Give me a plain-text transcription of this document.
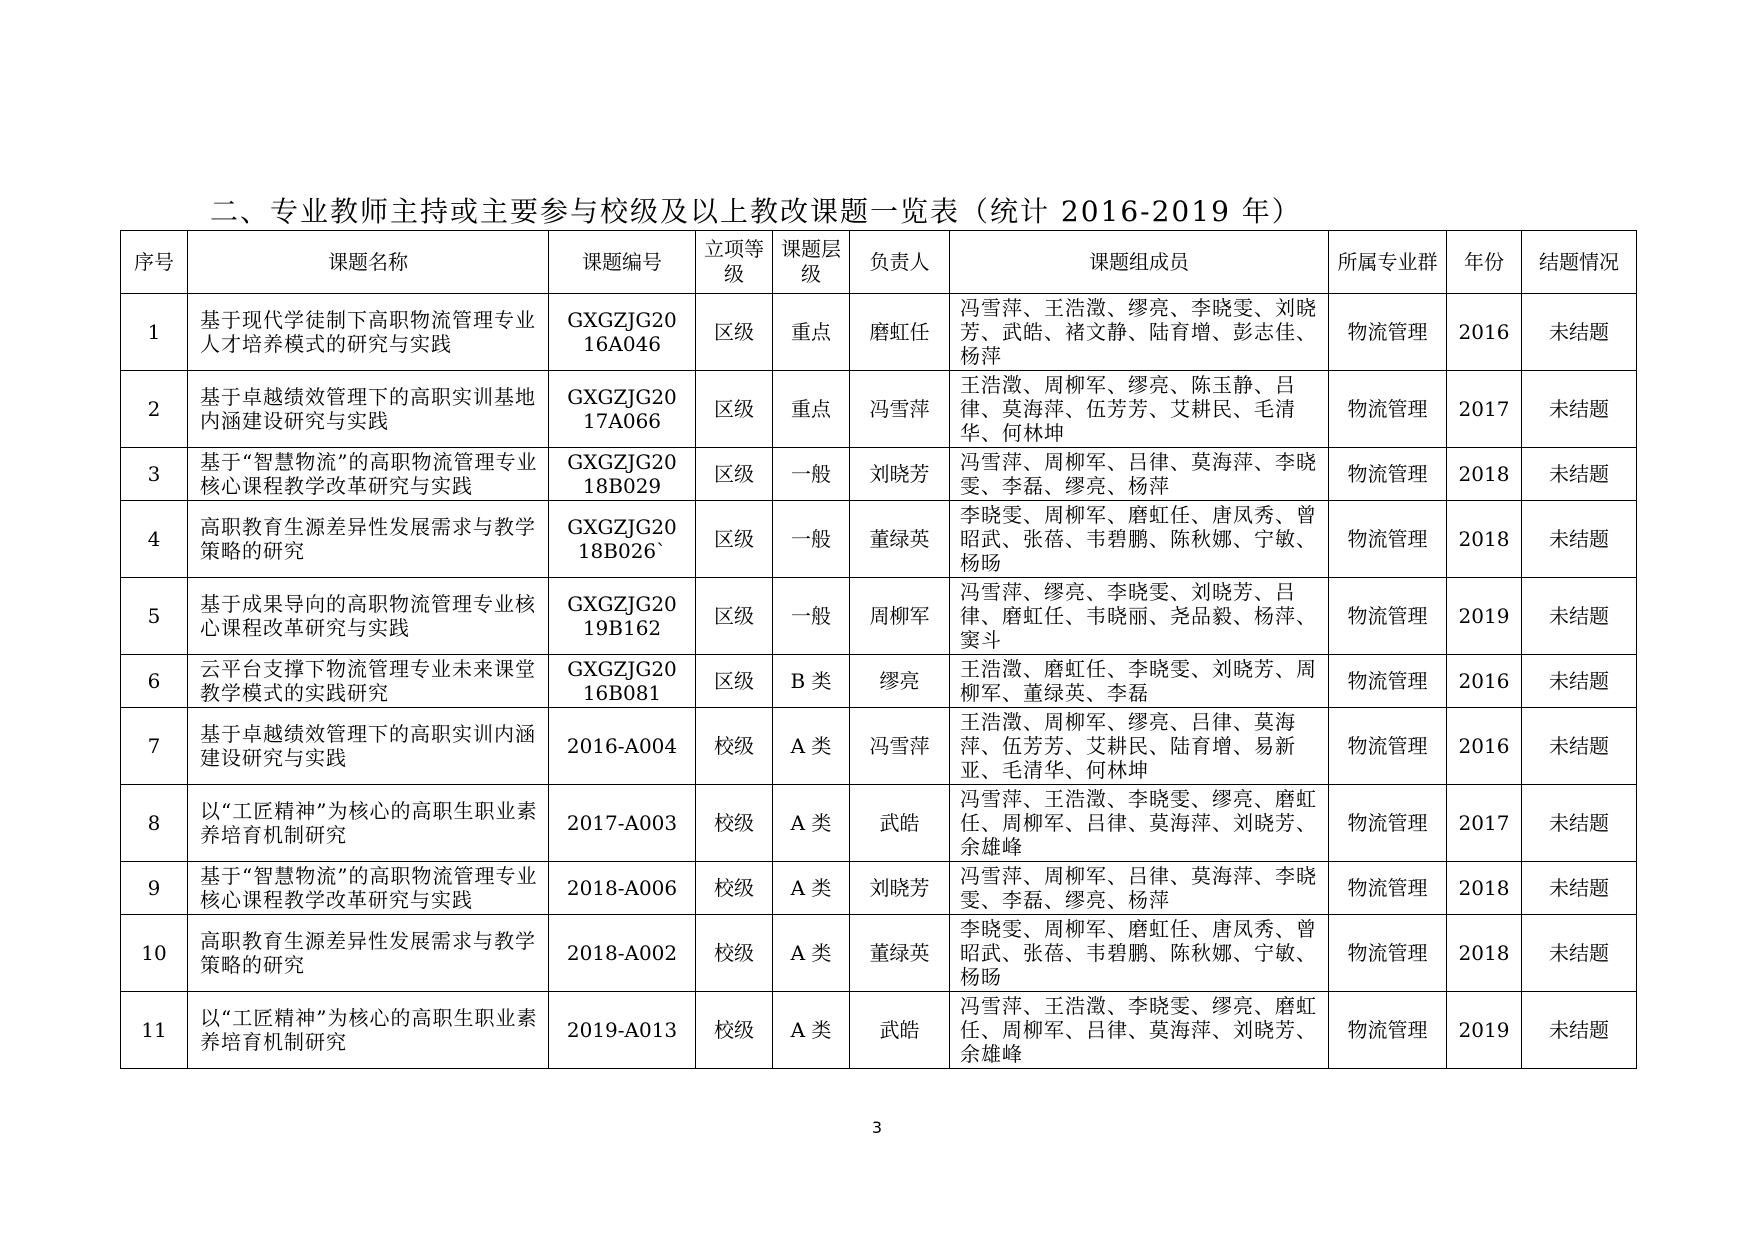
二、专业教师主持或主要参与校级及以上教改课题一览表（统计 2016-2019 年）
序号	课题名称	课题编号	立项等级	课题层级	负责人	课题组成员	所属专业群	年份	结题情况
1	基于现代学徒制下高职物流管理专业人才培养模式的研究与实践	GXGZJG2016A046	区级	重点	磨虹任	冯雪萍、王浩澂、缪亮、李晓雯、刘晓芳、武皓、褚文静、陆育增、彭志佳、杨萍	物流管理	2016	未结题
2	基于卓越绩效管理下的高职实训基地内涵建设研究与实践	GXGZJG2017A066	区级	重点	冯雪萍	王浩澂、周柳军、缪亮、陈玉静、吕律、莫海萍、伍芳芳、艾耕民、毛清华、何林坤	物流管理	2017	未结题
3	基于“智慧物流”的高职物流管理专业核心课程教学改革研究与实践	GXGZJG2018B029	区级	一般	刘晓芳	冯雪萍、周柳军、吕律、莫海萍、李晓雯、李磊、缪亮、杨萍	物流管理	2018	未结题
4	高职教育生源差异性发展需求与教学策略的研究	GXGZJG2018B026`	区级	一般	董绿英	李晓雯、周柳军、磨虹任、唐凤秀、曾昭武、张蓓、韦碧鹏、陈秋娜、宁敏、杨旸	物流管理	2018	未结题
5	基于成果导向的高职物流管理专业核心课程改革研究与实践	GXGZJG2019B162	区级	一般	周柳军	冯雪萍、缪亮、李晓雯、刘晓芳、吕律、磨虹任、韦晓丽、尧品毅、杨萍、窦斗	物流管理	2019	未结题
6	云平台支撑下物流管理专业未来课堂教学模式的实践研究	GXGZJG2016B081	区级	B 类	缪亮	王浩澂、磨虹任、李晓雯、刘晓芳、周柳军、董绿英、李磊	物流管理	2016	未结题
7	基于卓越绩效管理下的高职实训内涵建设研究与实践	2016-A004	校级	A 类	冯雪萍	王浩澂、周柳军、缪亮、吕律、莫海萍、伍芳芳、艾耕民、陆育增、易新亚、毛清华、何林坤	物流管理	2016	未结题
8	以“工匠精神”为核心的高职生职业素养培育机制研究	2017-A003	校级	A 类	武皓	冯雪萍、王浩澂、李晓雯、缪亮、磨虹任、周柳军、吕律、莫海萍、刘晓芳、余雄峰	物流管理	2017	未结题
9	基于“智慧物流”的高职物流管理专业核心课程教学改革研究与实践	2018-A006	校级	A 类	刘晓芳	冯雪萍、周柳军、吕律、莫海萍、李晓雯、李磊、缪亮、杨萍	物流管理	2018	未结题
10	高职教育生源差异性发展需求与教学策略的研究	2018-A002	校级	A 类	董绿英	李晓雯、周柳军、磨虹任、唐凤秀、曾昭武、张蓓、韦碧鹏、陈秋娜、宁敏、杨旸	物流管理	2018	未结题
11	以“工匠精神”为核心的高职生职业素养培育机制研究	2019-A013	校级	A 类	武皓	冯雪萍、王浩澂、李晓雯、缪亮、磨虹任、周柳军、吕律、莫海萍、刘晓芳、余雄峰	物流管理	2019	未结题
3
